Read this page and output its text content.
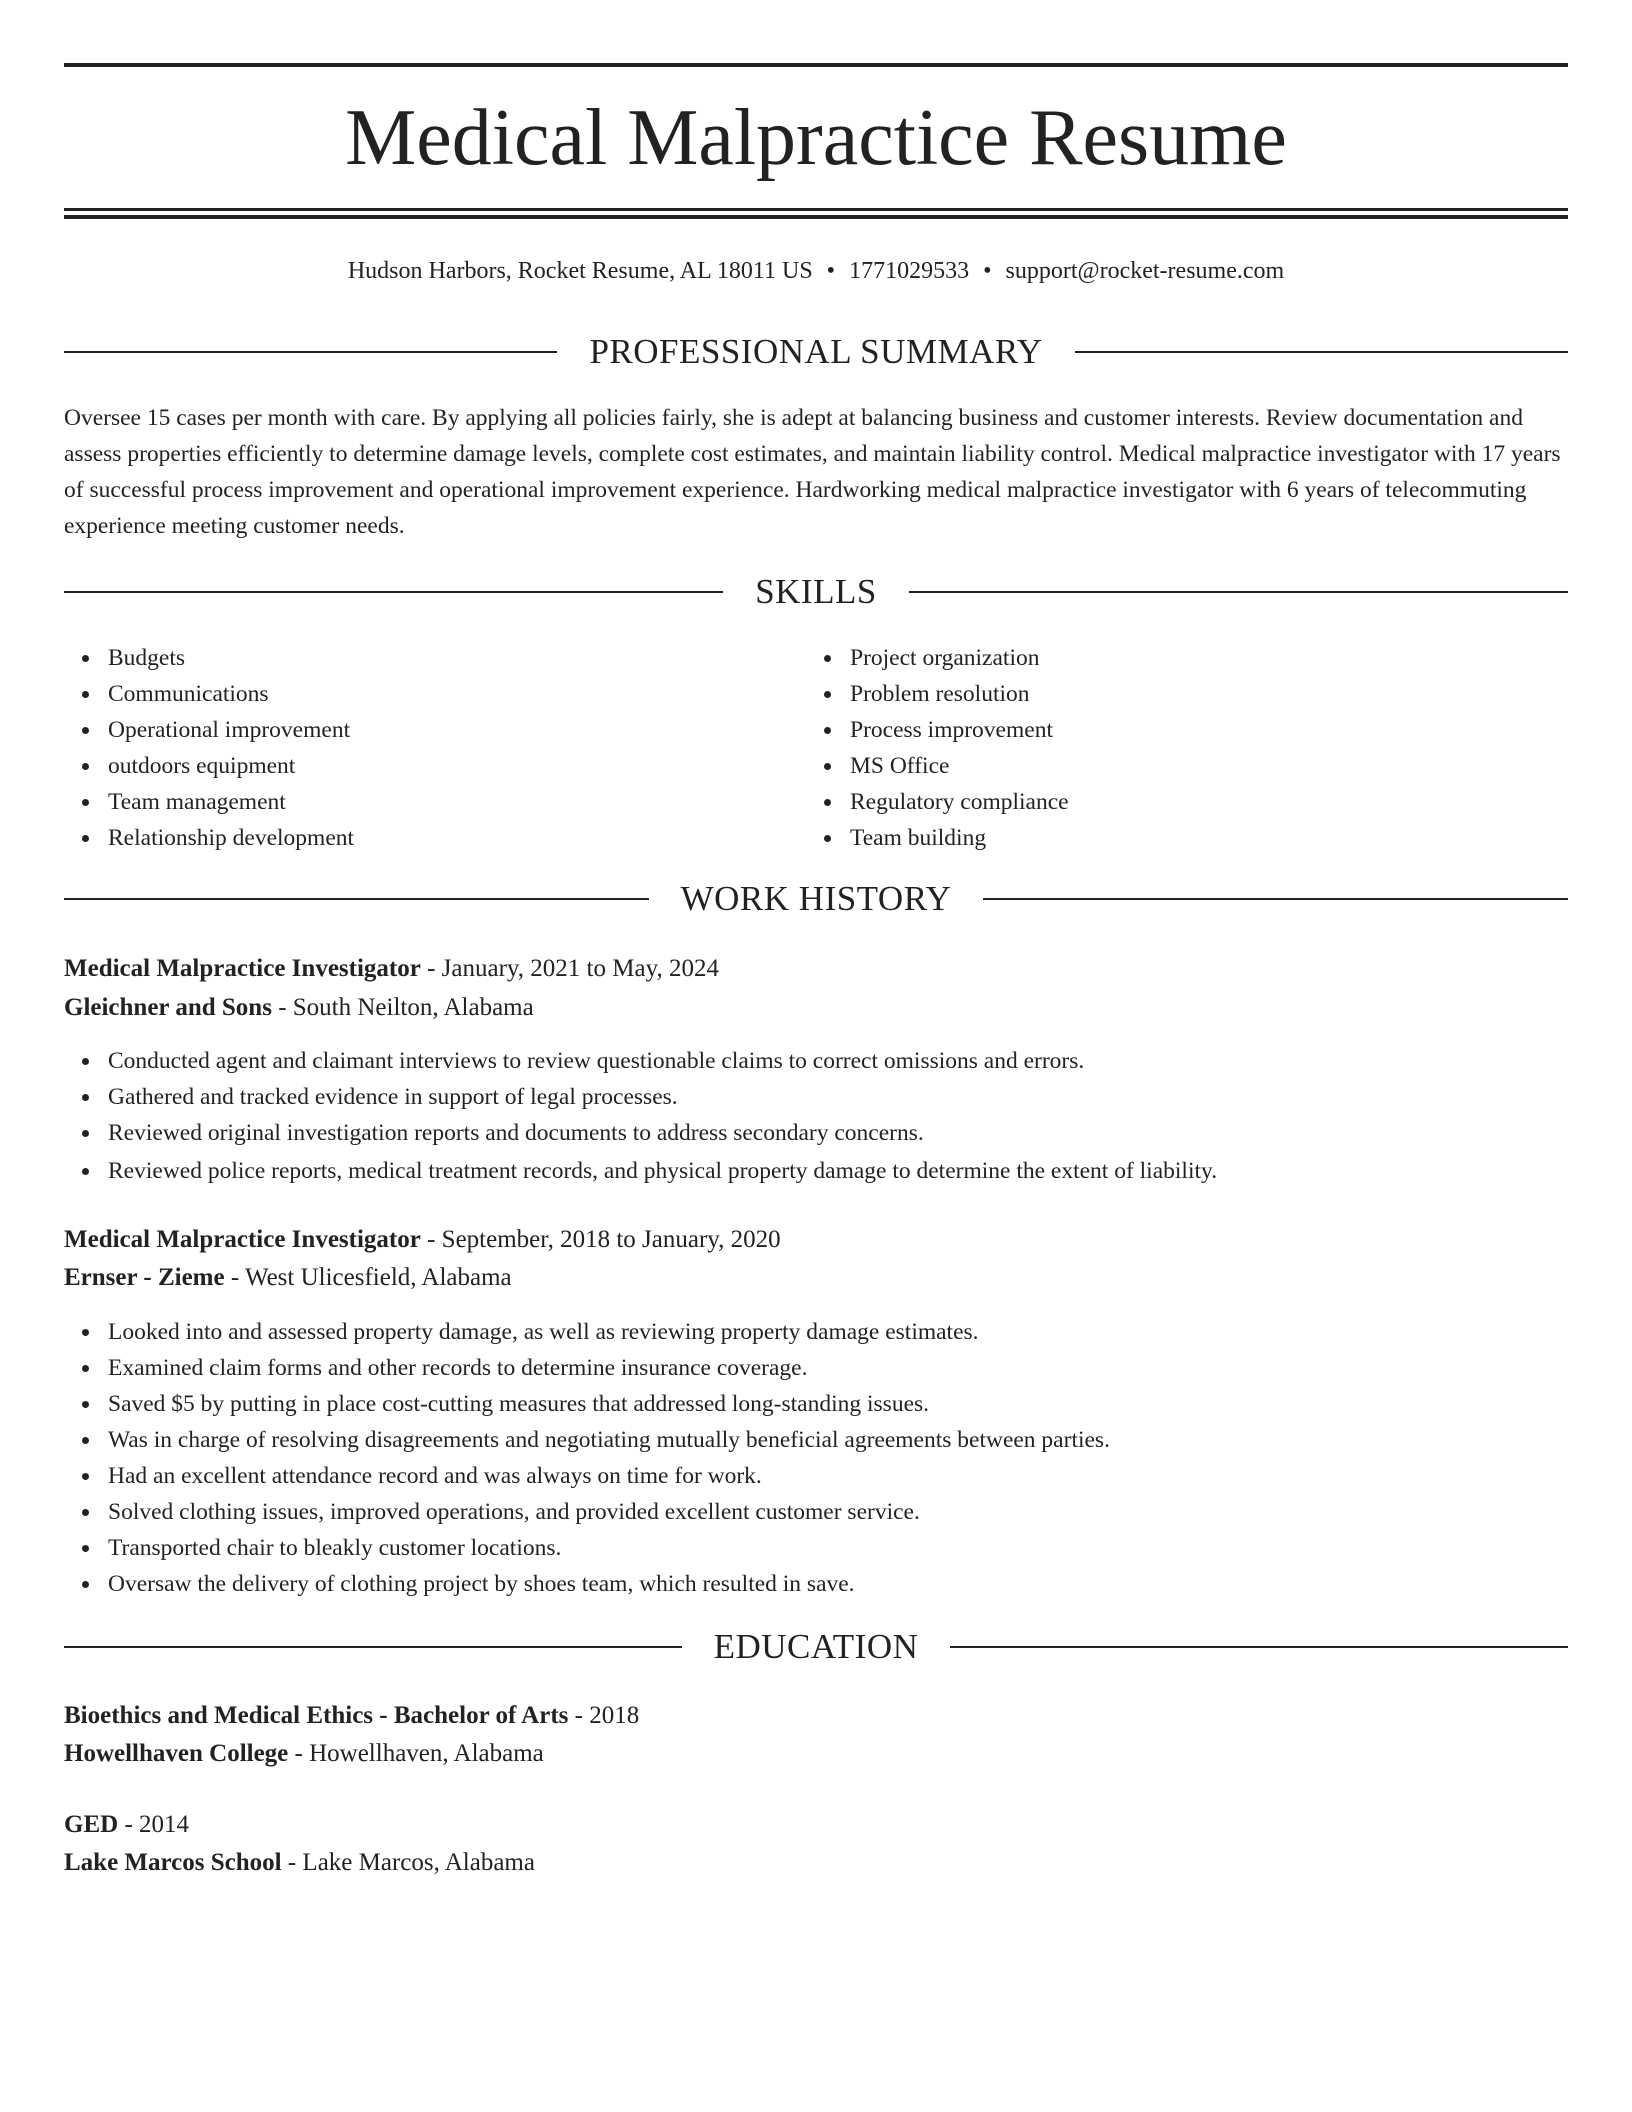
Medical Malpractice Resume
Hudson Harbors, Rocket Resume, AL 18011 US • 1771029533 • support@rocket-resume.com
PROFESSIONAL SUMMARY

Oversee 15 cases per month with care. By applying all policies fairly, she is adept at balancing business and customer interests. Review documentation and assess properties efficiently to determine damage levels, complete cost estimates, and maintain liability control. Medical malpractice investigator with 17 years of successful process improvement and operational improvement experience. Hardworking medical malpractice investigator with 6 years of telecommuting experience meeting customer needs.

SKILLS
Budgets
Communications
Operational improvement
outdoors equipment
Team management
Relationship development
Project organization
Problem resolution
Process improvement
MS Office
Regulatory compliance
Team building
WORK HISTORY

Medical Malpractice Investigator - January, 2021 to May, 2024

Gleichner and Sons - South Neilton, Alabama

Conducted agent and claimant interviews to review questionable claims to correct omissions and errors.
Gathered and tracked evidence in support of legal processes.
Reviewed original investigation reports and documents to address secondary concerns.
Reviewed police reports, medical treatment records, and physical property damage to determine the extent of liability.

Medical Malpractice Investigator - September, 2018 to January, 2020

Ernser - Zieme - West Ulicesfield, Alabama

Looked into and assessed property damage, as well as reviewing property damage estimates.
Examined claim forms and other records to determine insurance coverage.
Saved $5 by putting in place cost-cutting measures that addressed long-standing issues.
Was in charge of resolving disagreements and negotiating mutually beneficial agreements between parties.
Had an excellent attendance record and was always on time for work.
Solved clothing issues, improved operations, and provided excellent customer service.
Transported chair to bleakly customer locations.
Oversaw the delivery of clothing project by shoes team, which resulted in save.
EDUCATION

Bioethics and Medical Ethics - Bachelor of Arts - 2018

Howellhaven College - Howellhaven, Alabama

GED - 2014

Lake Marcos School - Lake Marcos, Alabama
